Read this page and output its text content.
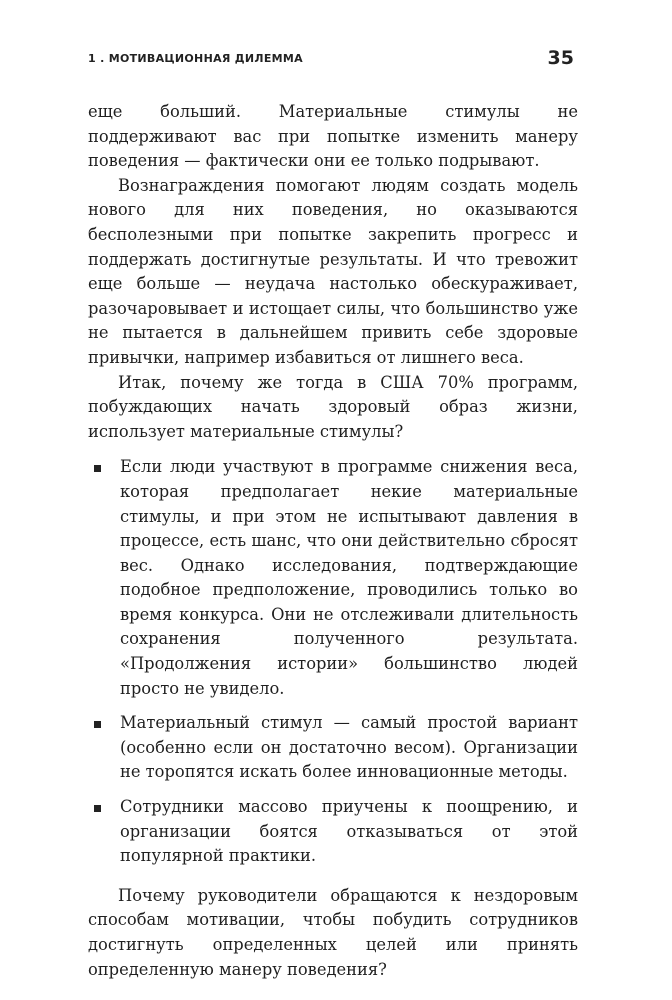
1 . МОТИВАЦИОННАЯ ДИЛЕММА	35

еще больший. Материальные стимулы не поддерживают вас при попытке изменить манеру поведения — фактически они ее только подрывают.

Вознаграждения помогают людям создать модель нового для них поведения, но оказываются бесполезными при попытке закрепить прогресс и поддержать достигнутые результаты. И что тревожит еще больше — неудача настолько обескураживает, разочаровывает и истощает силы, что большинство уже не пытается в дальнейшем привить себе здоровые привычки, например избавиться от лишнего веса.

Итак, почему же тогда в США 70% программ, побуждающих начать здоровый образ жизни, использует материальные стимулы?

Если люди участвуют в программе снижения веса, которая предполагает некие материальные стимулы, и при этом не испытывают давления в процессе, есть шанс, что они действительно сбросят вес. Однако исследования, подтверждающие подобное предположение, проводились только во время конкурса. Они не отслеживали длительность сохранения полученного результата. «Продолжения истории» большинство людей просто не увидело.
Материальный стимул — самый простой вариант (особенно если он достаточно весом). Организации не торопятся искать более инновационные методы.
Сотрудники массово приучены к поощрению, и организации боятся отказываться от этой популярной практики.

Почему руководители обращаются к нездоровым способам мотивации, чтобы побудить сотрудников достигнуть определенных целей или принять определенную манеру поведения?
